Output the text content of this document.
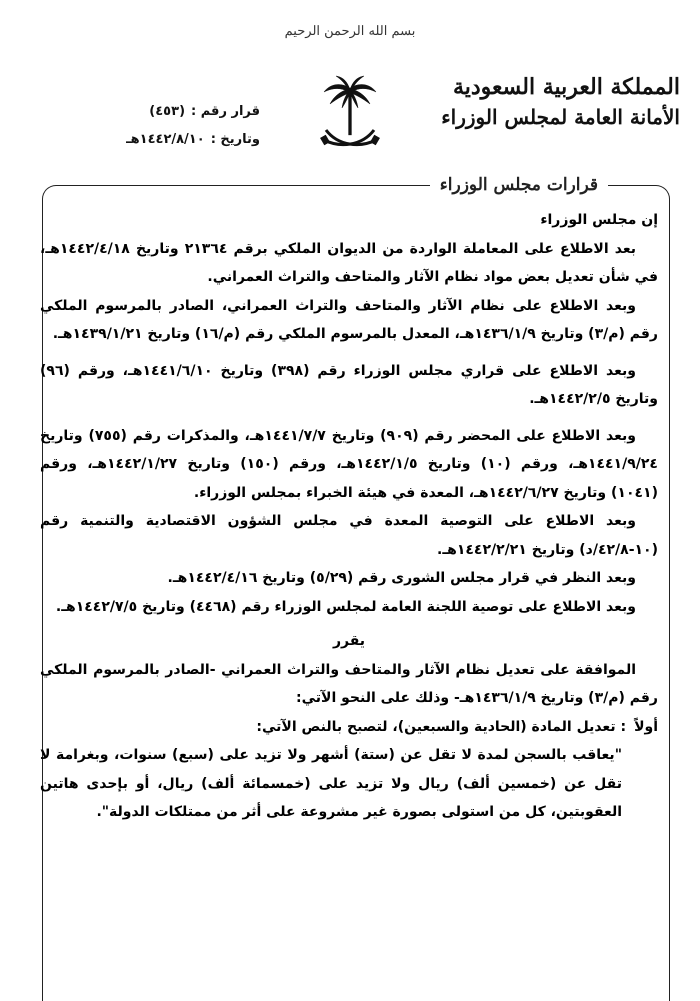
بسم الله الرحمن الرحيم
المملكة العربية السعودية
الأمانة العامة لمجلس الوزراء
قرار رقم :
(٤٥٣)
وتاريخ :
١٤٤٢/٨/١٠هـ
قرارات مجلس الوزراء

إن مجلس الوزراء

بعد الاطلاع على المعاملة الواردة من الديوان الملكي برقم ٢١٣٦٤ وتاريخ ١٤٤٢/٤/١٨هـ، في شأن تعديل بعض مواد نظام الآثار والمتاحف والتراث العمراني.

وبعد الاطلاع على نظام الآثار والمتاحف والتراث العمراني، الصادر بالمرسوم الملكي رقم (م/٣) وتاريخ ١٤٣٦/١/٩هـ، المعدل بالمرسوم الملكي رقم (م/١٦) وتاريخ ١٤٣٩/١/٢١هـ.

وبعد الاطلاع على قراري مجلس الوزراء رقم (٣٩٨) وتاريخ ١٤٤١/٦/١٠هـ، ورقم (٩٦) وتاريخ ١٤٤٢/٢/٥هـ.

وبعد الاطلاع على المحضر رقم (٩٠٩) وتاريخ ١٤٤١/٧/٧هـ، والمذكرات رقم (٧٥٥) وتاريخ ١٤٤١/٩/٢٤هـ، ورقم (١٠) وتاريخ ١٤٤٢/١/٥هـ، ورقم (١٥٠) وتاريخ ١٤٤٢/١/٢٧هـ، ورقم (١٠٤١) وتاريخ ١٤٤٢/٦/٢٧هـ، المعدة في هيئة الخبراء بمجلس الوزراء.

وبعد الاطلاع على التوصية المعدة في مجلس الشؤون الاقتصادية والتنمية رقم (١٠-٤٢/٨/د) وتاريخ ١٤٤٢/٢/٢١هـ.

وبعد النظر في قرار مجلس الشورى رقم (٥/٢٩) وتاريخ ١٤٤٢/٤/١٦هـ.

وبعد الاطلاع على توصية اللجنة العامة لمجلس الوزراء رقم (٤٤٦٨) وتاريخ ١٤٤٢/٧/٥هـ.

يقرر

الموافقة على تعديل نظام الآثار والمتاحف والتراث العمراني -الصادر بالمرسوم الملكي رقم (م/٣) وتاريخ ١٤٣٦/١/٩هـ- وذلك على النحو الآتي:

أولاً
: تعديل المادة (الحادية والسبعين)، لتصبح بالنص الآتي:

"يعاقب بالسجن لمدة لا تقل عن (ستة) أشهر ولا تزيد على (سبع) سنوات، وبغرامة لا تقل عن (خمسين ألف) ريال ولا تزيد على (خمسمائة ألف) ريال، أو بإحدى هاتين العقوبتين، كل من استولى بصورة غير مشروعة على أثر من ممتلكات الدولة".
